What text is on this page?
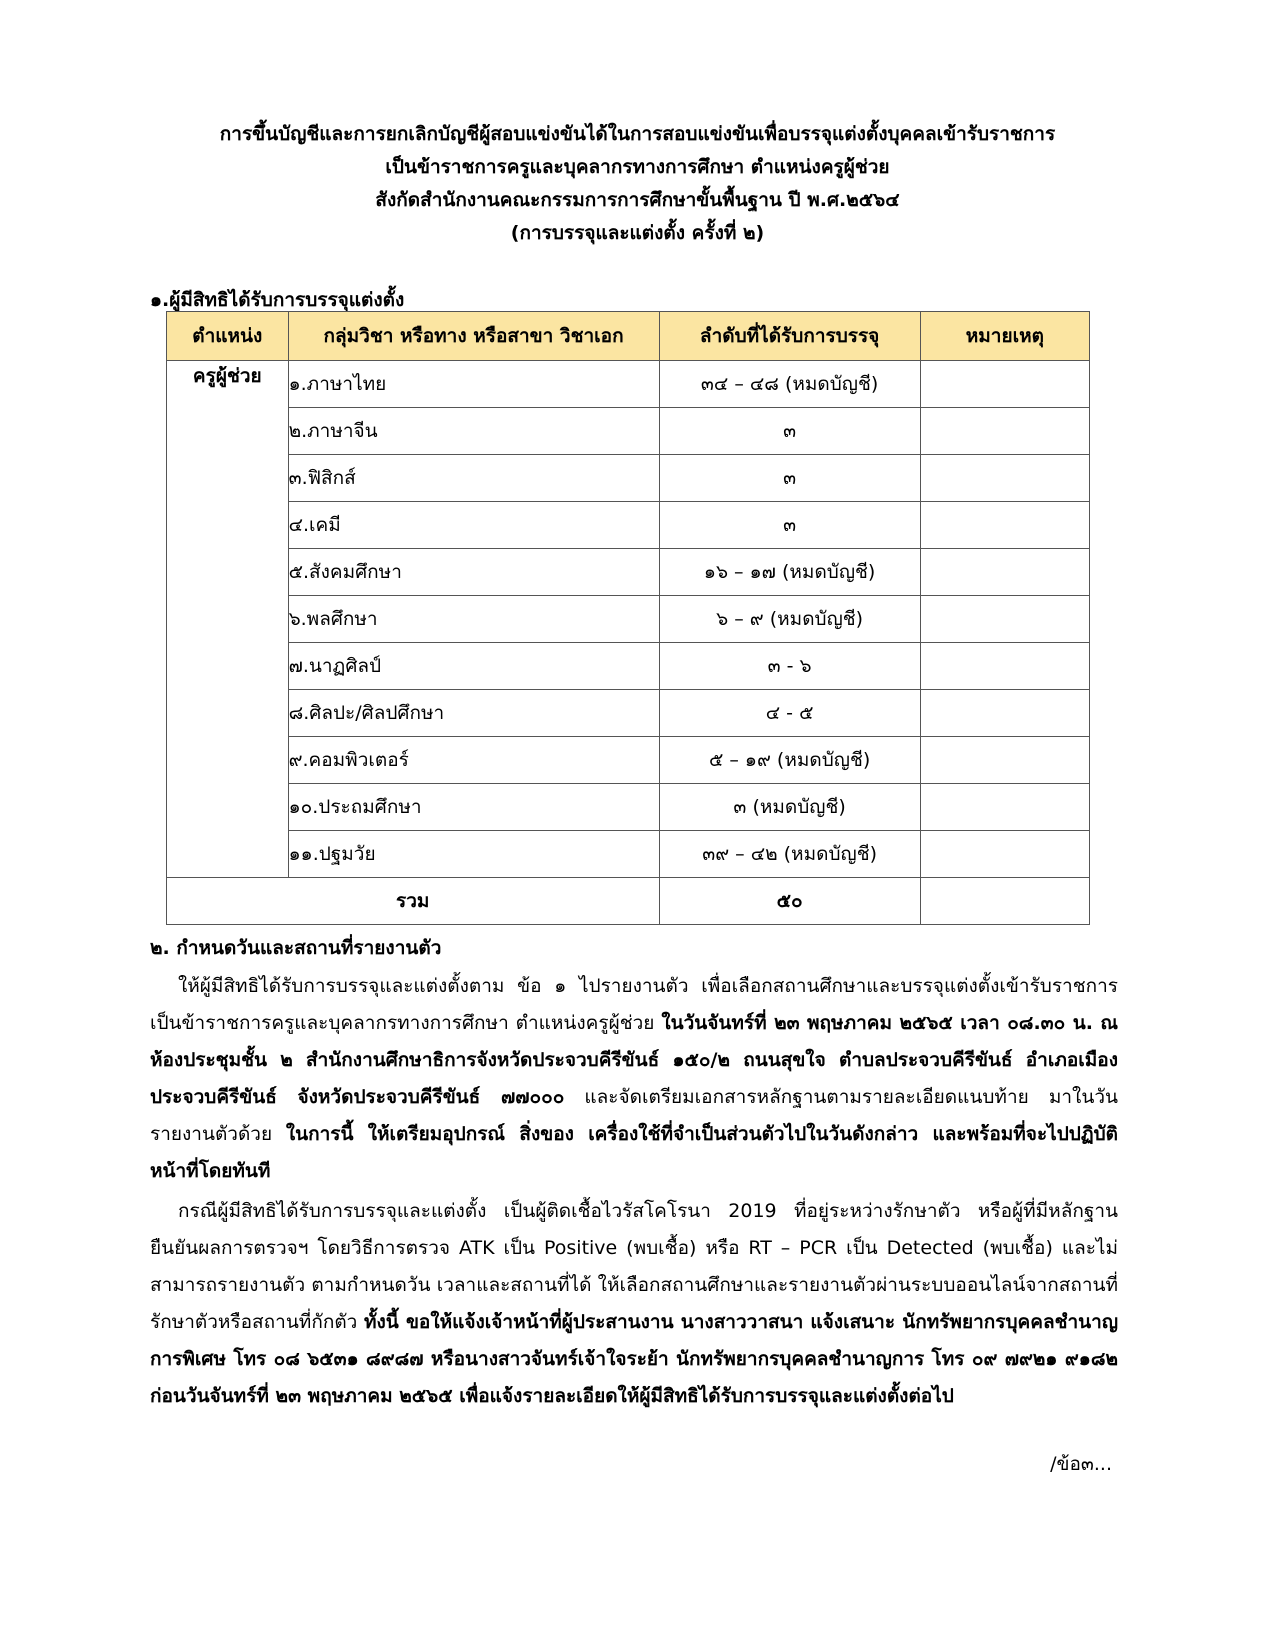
การขึ้นบัญชีและการยกเลิกบัญชีผู้สอบแข่งขันได้ในการสอบแข่งขันเพื่อบรรจุแต่งตั้งบุคคลเข้ารับราชการ

เป็นข้าราชการครูและบุคลากรทางการศึกษา ตำแหน่งครูผู้ช่วย

สังกัดสำนักงานคณะกรรมการการศึกษาขั้นพื้นฐาน ปี พ.ศ.๒๕๖๔

(การบรรจุและแต่งตั้ง ครั้งที่ ๒)

๑.ผู้มีสิทธิได้รับการบรรจุแต่งตั้ง
ตำแหน่ง	กลุ่มวิชา หรือทาง หรือสาขา วิชาเอก	ลำดับที่ได้รับการบรรจุ	หมายเหตุ
ครูผู้ช่วย	๑.ภาษาไทย	๓๔ – ๔๘ (หมดบัญชี)	
	๒.ภาษาจีน	๓	
	๓.ฟิสิกส์	๓	
	๔.เคมี	๓	
	๕.สังคมศึกษา	๑๖ – ๑๗ (หมดบัญชี)	
	๖.พลศึกษา	๖ – ๙ (หมดบัญชี)	
	๗.นาฏศิลป์	๓ - ๖	
	๘.ศิลปะ/ศิลปศึกษา	๔ - ๕	
	๙.คอมพิวเตอร์	๕ – ๑๙ (หมดบัญชี)	
	๑๐.ประถมศึกษา	๓ (หมดบัญชี)	
	๑๑.ปฐมวัย	๓๙ – ๔๒ (หมดบัญชี)	
รวม		๕๐	
๒. กำหนดวันและสถานที่รายงานตัว

ให้ผู้มีสิทธิได้รับการบรรจุและแต่งตั้งตาม ข้อ ๑ ไปรายงานตัว เพื่อเลือกสถานศึกษาและบรรจุแต่งตั้งเข้ารับราชการเป็นข้าราชการครูและบุคลากรทางการศึกษา ตำแหน่งครูผู้ช่วย ในวันจันทร์ที่ ๒๓ พฤษภาคม ๒๕๖๕ เวลา ๐๘.๓๐ น. ณ ห้องประชุมชั้น ๒ สำนักงานศึกษาธิการจังหวัดประจวบคีรีขันธ์ ๑๕๐/๒ ถนนสุขใจ ตำบลประจวบคีรีขันธ์ อำเภอเมืองประจวบคีรีขันธ์ จังหวัดประจวบคีรีขันธ์ ๗๗๐๐๐ และจัดเตรียมเอกสารหลักฐานตามรายละเอียดแนบท้าย มาในวันรายงานตัวด้วย ในการนี้ ให้เตรียมอุปกรณ์ สิ่งของ เครื่องใช้ที่จำเป็นส่วนตัวไปในวันดังกล่าว และพร้อมที่จะไปปฏิบัติหน้าที่โดยทันที

กรณีผู้มีสิทธิได้รับการบรรจุและแต่งตั้ง เป็นผู้ติดเชื้อไวรัสโคโรนา 2019 ที่อยู่ระหว่างรักษาตัว หรือผู้ที่มีหลักฐานยืนยันผลการตรวจฯ โดยวิธีการตรวจ ATK เป็น Positive (พบเชื้อ) หรือ RT – PCR เป็น Detected (พบเชื้อ) และไม่สามารถรายงานตัว ตามกำหนดวัน เวลาและสถานที่ได้ ให้เลือกสถานศึกษาและรายงานตัวผ่านระบบออนไลน์จากสถานที่รักษาตัวหรือสถานที่กักตัว ทั้งนี้ ขอให้แจ้งเจ้าหน้าที่ผู้ประสานงาน นางสาววาสนา แจ้งเสนาะ นักทรัพยากรบุคคลชำนาญการพิเศษ โทร ๐๘ ๖๕๓๑ ๘๙๘๗ หรือนางสาวจันทร์เจ้าใจระย้า นักทรัพยากรบุคคลชำนาญการ โทร ๐๙ ๗๙๒๑ ๙๑๘๒ ก่อนวันจันทร์ที่ ๒๓ พฤษภาคม ๒๕๖๕ เพื่อแจ้งรายละเอียดให้ผู้มีสิทธิได้รับการบรรจุและแต่งตั้งต่อไป

/ข้อ๓...
